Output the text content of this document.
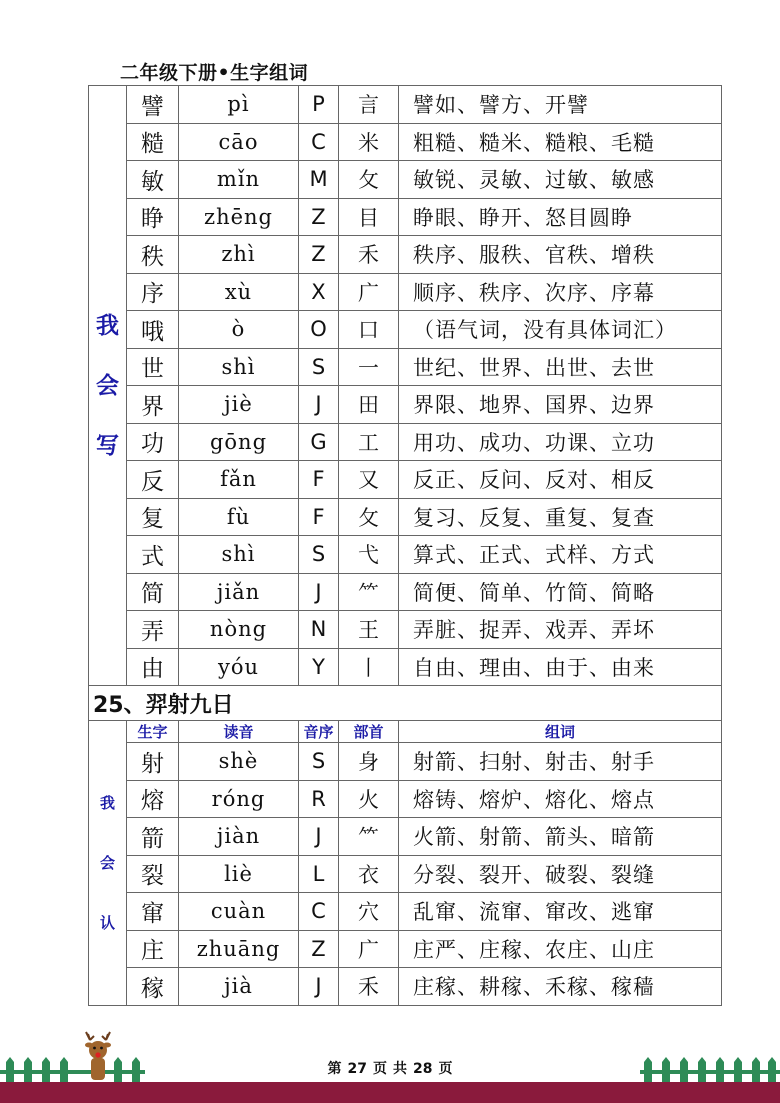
二年级下册•生字组词
我
会
写	譬	pì	P	言	譬如、譬方、开譬
	糙	cāo	C	米	粗糙、糙米、糙粮、毛糙
	敏	mǐn	M	攵	敏锐、灵敏、过敏、敏感
	睁	zhēng	Z	目	睁眼、睁开、怒目圆睁
	秩	zhì	Z	禾	秩序、服秩、官秩、增秩
	序	xù	X	广	顺序、秩序、次序、序幕
	哦	ò	O	口	（语气词，没有具体词汇）
	世	shì	S	一	世纪、世界、出世、去世
	界	jiè	J	田	界限、地界、国界、边界
	功	gōng	G	工	用功、成功、功课、立功
	反	fǎn	F	又	反正、反问、反对、相反
	复	fù	F	攵	复习、反复、重复、复查
	式	shì	S	弋	算式、正式、式样、方式
	简	jiǎn	J	⺮	简便、简单、竹简、简略
	弄	nòng	N	王	弄脏、捉弄、戏弄、弄坏
	由	yóu	Y	丨	自由、理由、由于、由来
25、羿射九日					

我
会
认	生字	读音	音序	部首	组词
	射	shè	S	身	射箭、扫射、射击、射手
	熔	róng	R	火	熔铸、熔炉、熔化、熔点
	箭	jiàn	J	⺮	火箭、射箭、箭头、暗箭
	裂	liè	L	衣	分裂、裂开、破裂、裂缝
	窜	cuàn	C	穴	乱窜、流窜、窜改、逃窜
	庄	zhuāng	Z	广	庄严、庄稼、农庄、山庄
	稼	jià	J	禾	庄稼、耕稼、禾稼、稼穑
第 27 页 共 28 页
